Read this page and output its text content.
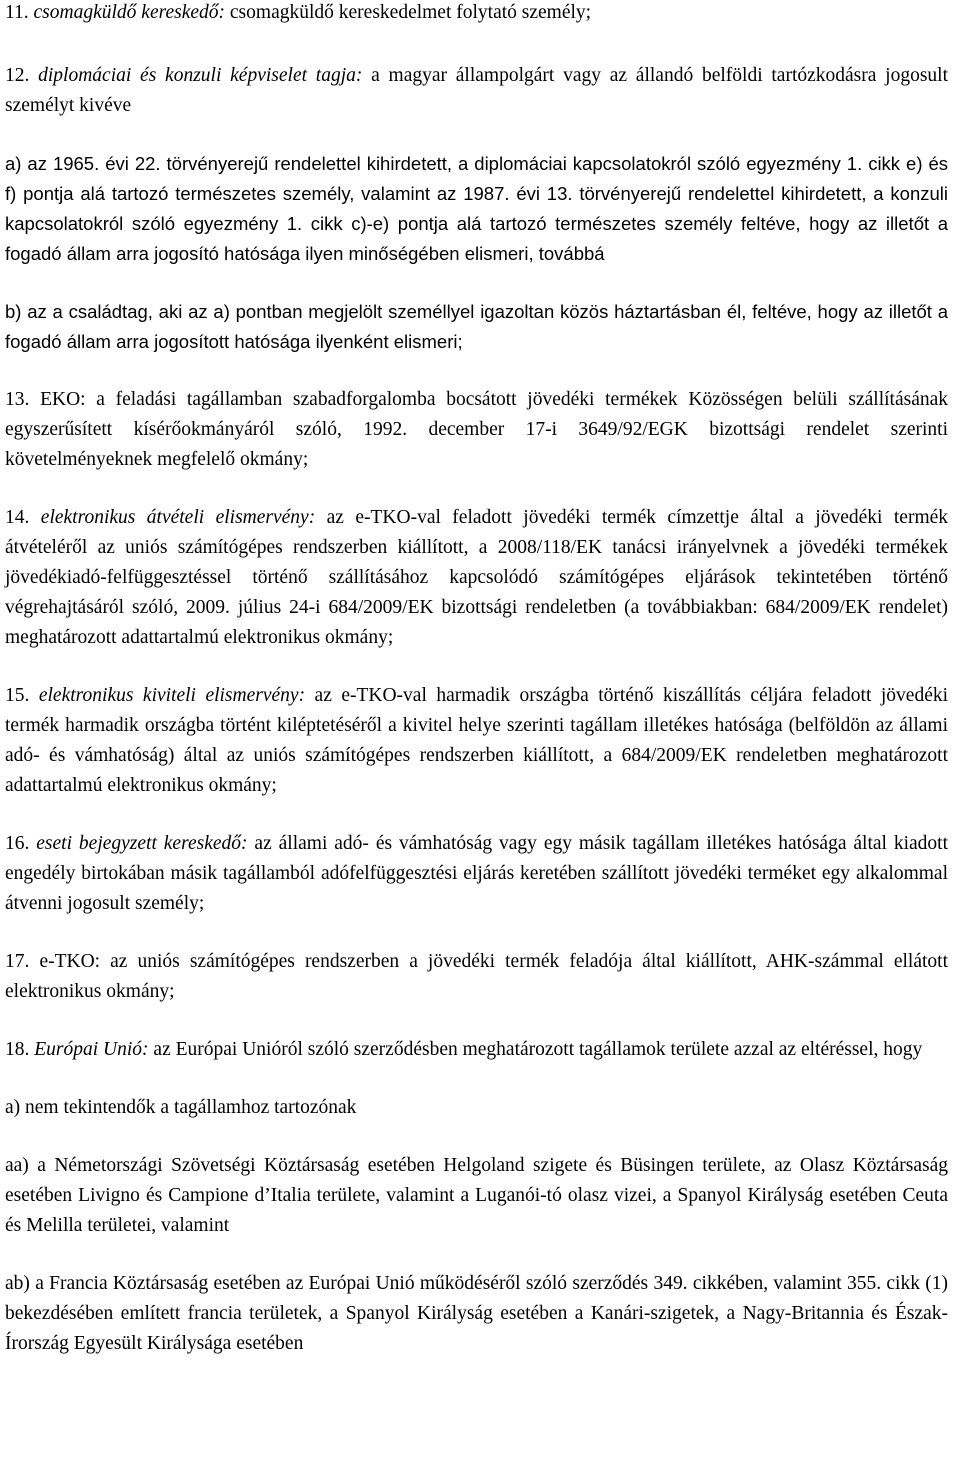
11. csomagküldő kereskedő: csomagküldő kereskedelmet folytató személy;

12. diplomáciai és konzuli képviselet tagja: a magyar állampolgárt vagy az állandó belföldi tartózkodásra jogosult személyt kivéve

a) az 1965. évi 22. törvényerejű rendelettel kihirdetett, a diplomáciai kapcsolatokról szóló egyezmény 1. cikk e) és f) pontja alá tartozó természetes személy, valamint az 1987. évi 13. törvényerejű rendelettel kihirdetett, a konzuli kapcsolatokról szóló egyezmény 1. cikk c)-e) pontja alá tartozó természetes személy feltéve, hogy az illetőt a fogadó állam arra jogosító hatósága ilyen minőségében elismeri, továbbá

b) az a családtag, aki az a) pontban megjelölt személlyel igazoltan közös háztartásban él, feltéve, hogy az illetőt a fogadó állam arra jogosított hatósága ilyenként elismeri;

13. EKO: a feladási tagállamban szabadforgalomba bocsátott jövedéki termékek Közösségen belüli szállításának egyszerűsített kísérőokmányáról szóló, 1992. december 17-i 3649/92/EGK bizottsági rendelet szerinti követelményeknek megfelelő okmány;

14. elektronikus átvételi elismervény: az e-TKO-val feladott jövedéki termék címzettje által a jövedéki termék átvételéről az uniós számítógépes rendszerben kiállított, a 2008/118/EK tanácsi irányelvnek a jövedéki termékek jövedékiadó-felfüggesztéssel történő szállításához kapcsolódó számítógépes eljárások tekintetében történő végrehajtásáról szóló, 2009. július 24-i 684/2009/EK bizottsági rendeletben (a továbbiakban: 684/2009/EK rendelet) meghatározott adattartalmú elektronikus okmány;

15. elektronikus kiviteli elismervény: az e-TKO-val harmadik országba történő kiszállítás céljára feladott jövedéki termék harmadik országba történt kiléptetéséről a kivitel helye szerinti tagállam illetékes hatósága (belföldön az állami adó- és vámhatóság) által az uniós számítógépes rendszerben kiállított, a 684/2009/EK rendeletben meghatározott adattartalmú elektronikus okmány;

16. eseti bejegyzett kereskedő: az állami adó- és vámhatóság vagy egy másik tagállam illetékes hatósága által kiadott engedély birtokában másik tagállamból adófelfüggesztési eljárás keretében szállított jövedéki terméket egy alkalommal átvenni jogosult személy;

17. e-TKO: az uniós számítógépes rendszerben a jövedéki termék feladója által kiállított, AHK-számmal ellátott elektronikus okmány;

18. Európai Unió: az Európai Unióról szóló szerződésben meghatározott tagállamok területe azzal az eltéréssel, hogy

a) nem tekintendők a tagállamhoz tartozónak

aa) a Németországi Szövetségi Köztársaság esetében Helgoland szigete és Büsingen területe, az Olasz Köztársaság esetében Livigno és Campione d’Italia területe, valamint a Luganói-tó olasz vizei, a Spanyol Királyság esetében Ceuta és Melilla területei, valamint

ab) a Francia Köztársaság esetében az Európai Unió működéséről szóló szerződés 349. cikkében, valamint 355. cikk (1) bekezdésében említett francia területek, a Spanyol Királyság esetében a Kanári-szigetek, a Nagy-Britannia és Észak-Írország Egyesült Királysága esetében
